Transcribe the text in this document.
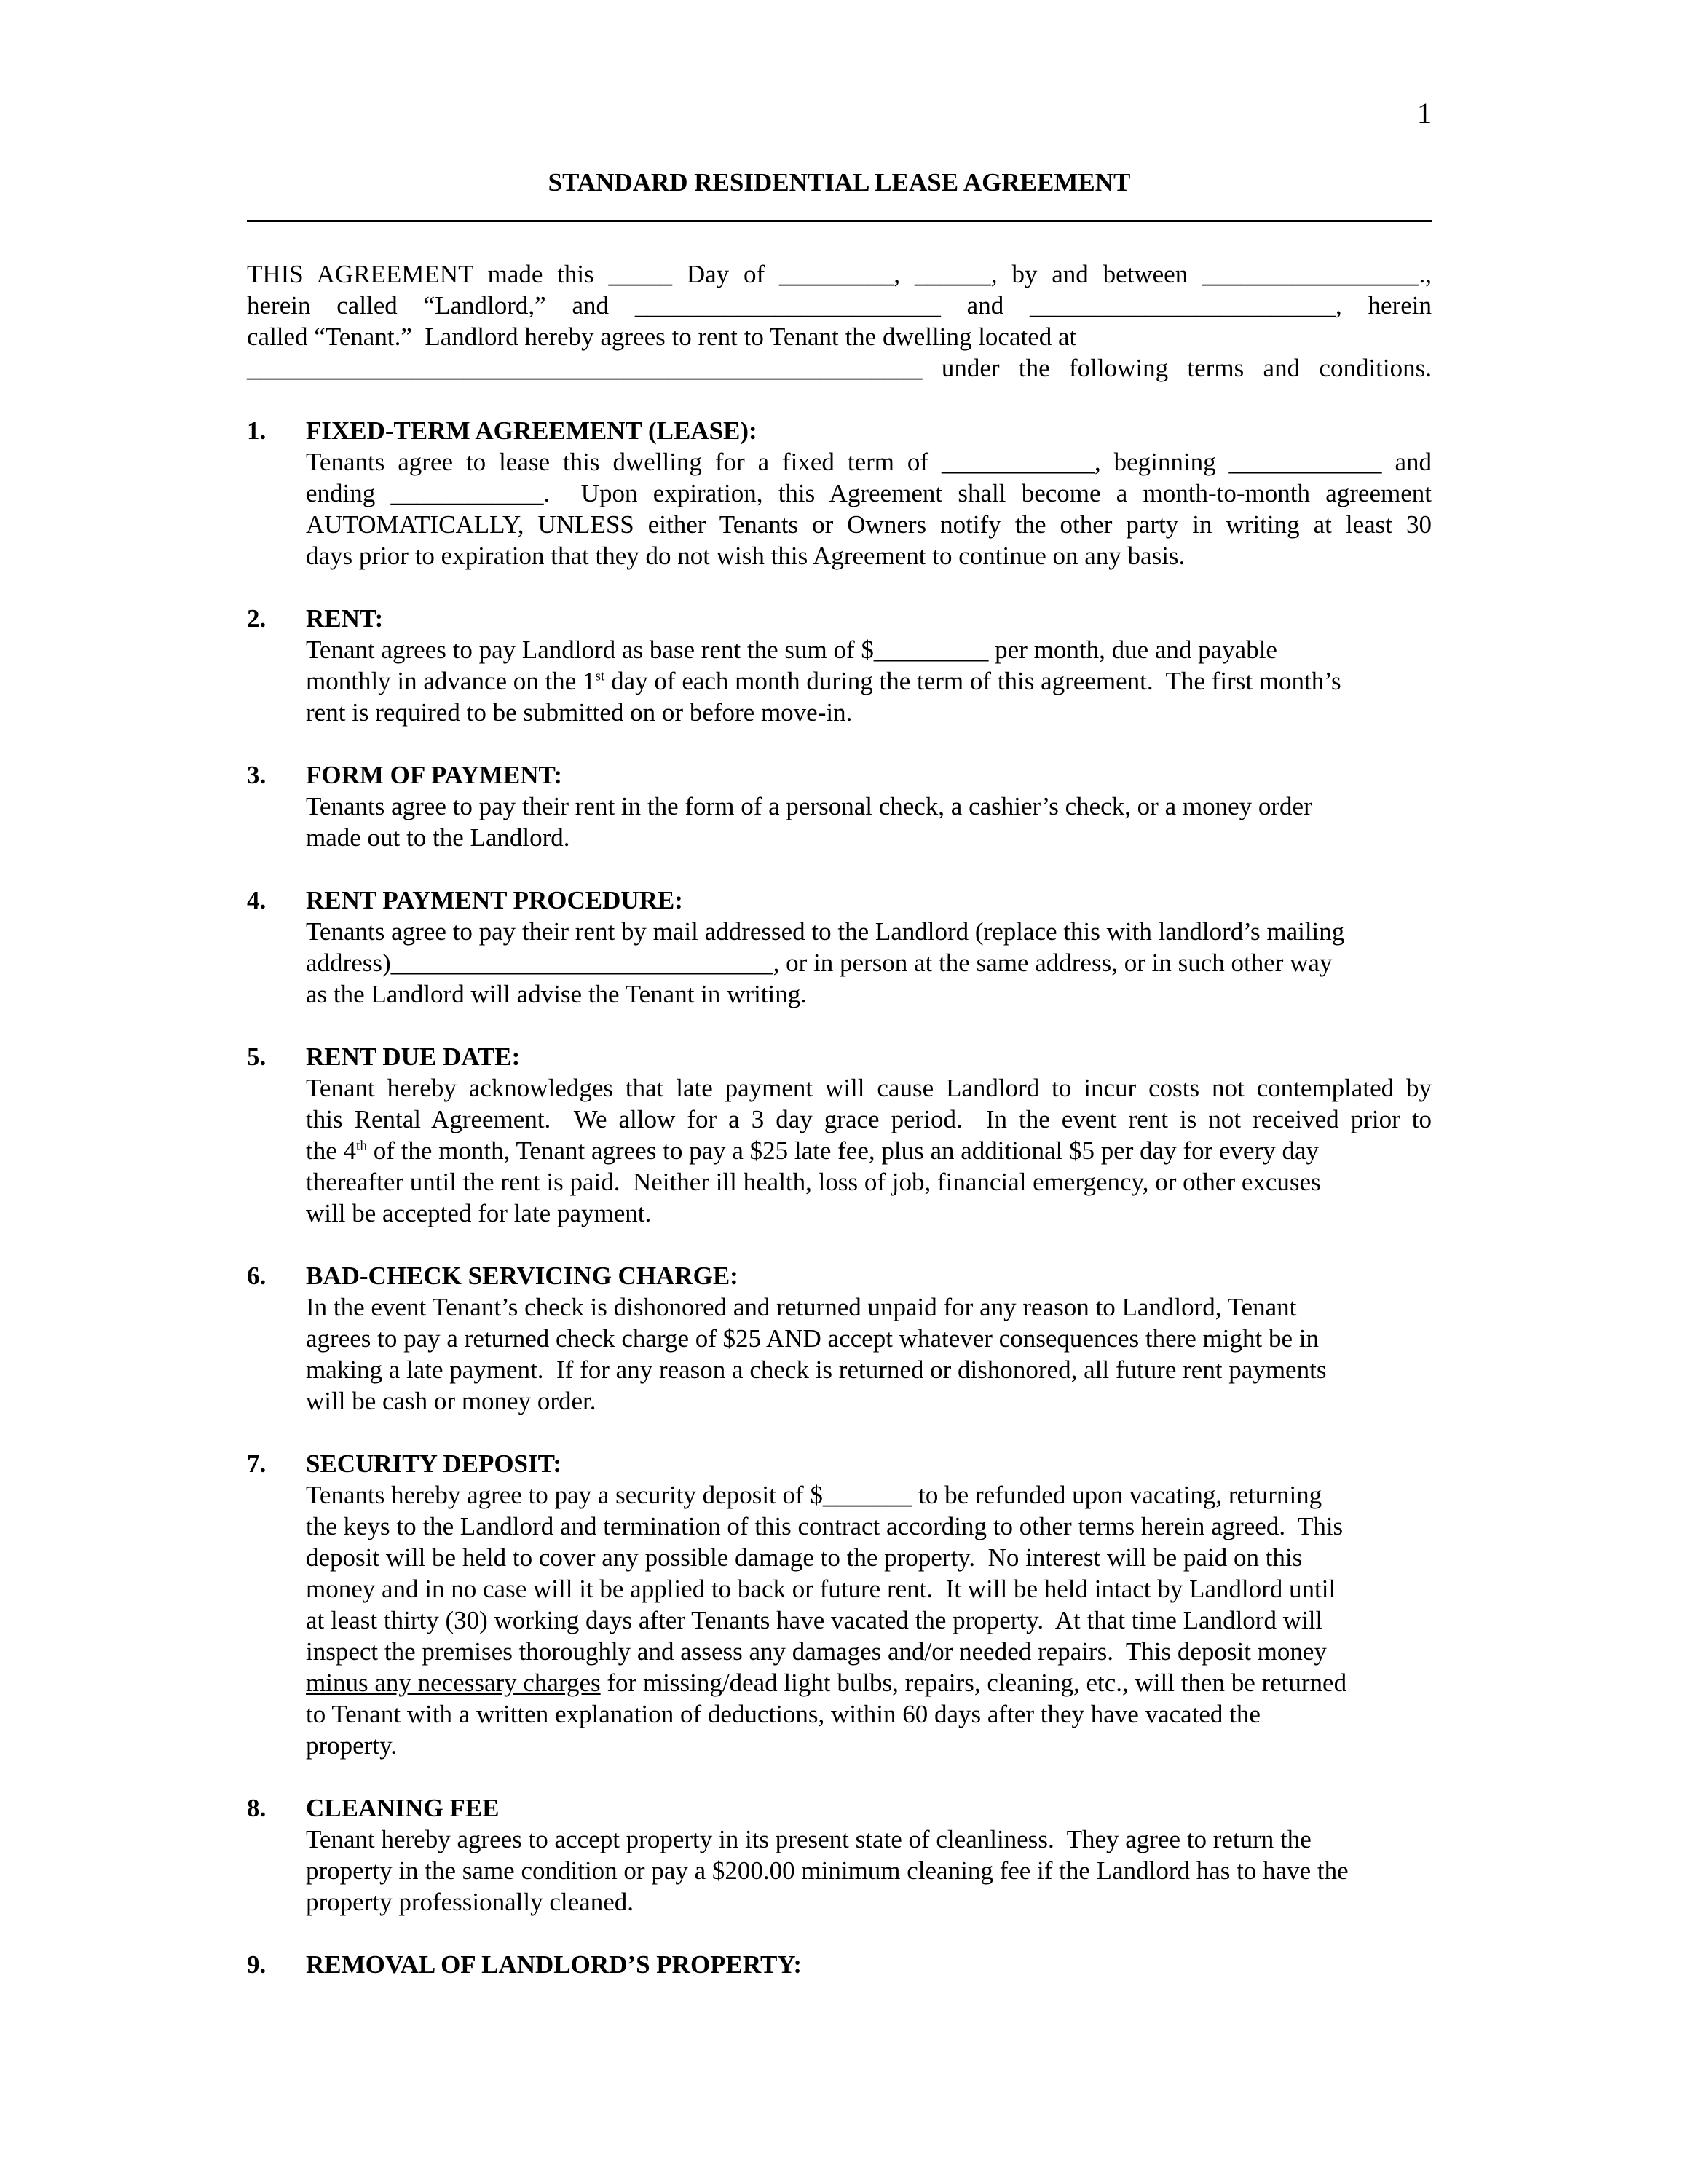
1
STANDARD RESIDENTIAL LEASE AGREEMENT
THIS AGREEMENT made this _____ Day of _________, ______, by and between _________________.,
herein called “Landlord,” and ________________________ and ________________________, herein
called “Tenant.”  Landlord hereby agrees to rent to Tenant the dwelling located at
_____________________________________________________ under the following terms and conditions.
1.	FIXED-TERM AGREEMENT (LEASE):
Tenants agree to lease this dwelling for a fixed term of ____________, beginning ____________ and
ending ____________.  Upon expiration, this Agreement shall become a month-to-month agreement
AUTOMATICALLY, UNLESS either Tenants or Owners notify the other party in writing at least 30
days prior to expiration that they do not wish this Agreement to continue on any basis.
2.	RENT:
Tenant agrees to pay Landlord as base rent the sum of $_________ per month, due and payable
monthly in advance on the 1st day of each month during the term of this agreement.  The first month’s
rent is required to be submitted on or before move-in.
3.	FORM OF PAYMENT:
Tenants agree to pay their rent in the form of a personal check, a cashier’s check, or a money order
made out to the Landlord.
4.	RENT PAYMENT PROCEDURE:
Tenants agree to pay their rent by mail addressed to the Landlord (replace this with landlord’s mailing
address)______________________________, or in person at the same address, or in such other way
as the Landlord will advise the Tenant in writing.
5.	RENT DUE DATE:
Tenant hereby acknowledges that late payment will cause Landlord to incur costs not contemplated by
this Rental Agreement.  We allow for a 3 day grace period.  In the event rent is not received prior to
the 4th of the month, Tenant agrees to pay a $25 late fee, plus an additional $5 per day for every day
thereafter until the rent is paid.  Neither ill health, loss of job, financial emergency, or other excuses
will be accepted for late payment.
6.	BAD-CHECK SERVICING CHARGE:
In the event Tenant’s check is dishonored and returned unpaid for any reason to Landlord, Tenant
agrees to pay a returned check charge of $25 AND accept whatever consequences there might be in
making a late payment.  If for any reason a check is returned or dishonored, all future rent payments
will be cash or money order.
7.	SECURITY DEPOSIT:
Tenants hereby agree to pay a security deposit of $_______ to be refunded upon vacating, returning
the keys to the Landlord and termination of this contract according to other terms herein agreed.  This
deposit will be held to cover any possible damage to the property.  No interest will be paid on this
money and in no case will it be applied to back or future rent.  It will be held intact by Landlord until
at least thirty (30) working days after Tenants have vacated the property.  At that time Landlord will
inspect the premises thoroughly and assess any damages and/or needed repairs.  This deposit money
minus any necessary charges for missing/dead light bulbs, repairs, cleaning, etc., will then be returned
to Tenant with a written explanation of deductions, within 60 days after they have vacated the
property.
8.	CLEANING FEE
Tenant hereby agrees to accept property in its present state of cleanliness.  They agree to return the
property in the same condition or pay a $200.00 minimum cleaning fee if the Landlord has to have the
property professionally cleaned.
9.	REMOVAL OF LANDLORD’S PROPERTY:
